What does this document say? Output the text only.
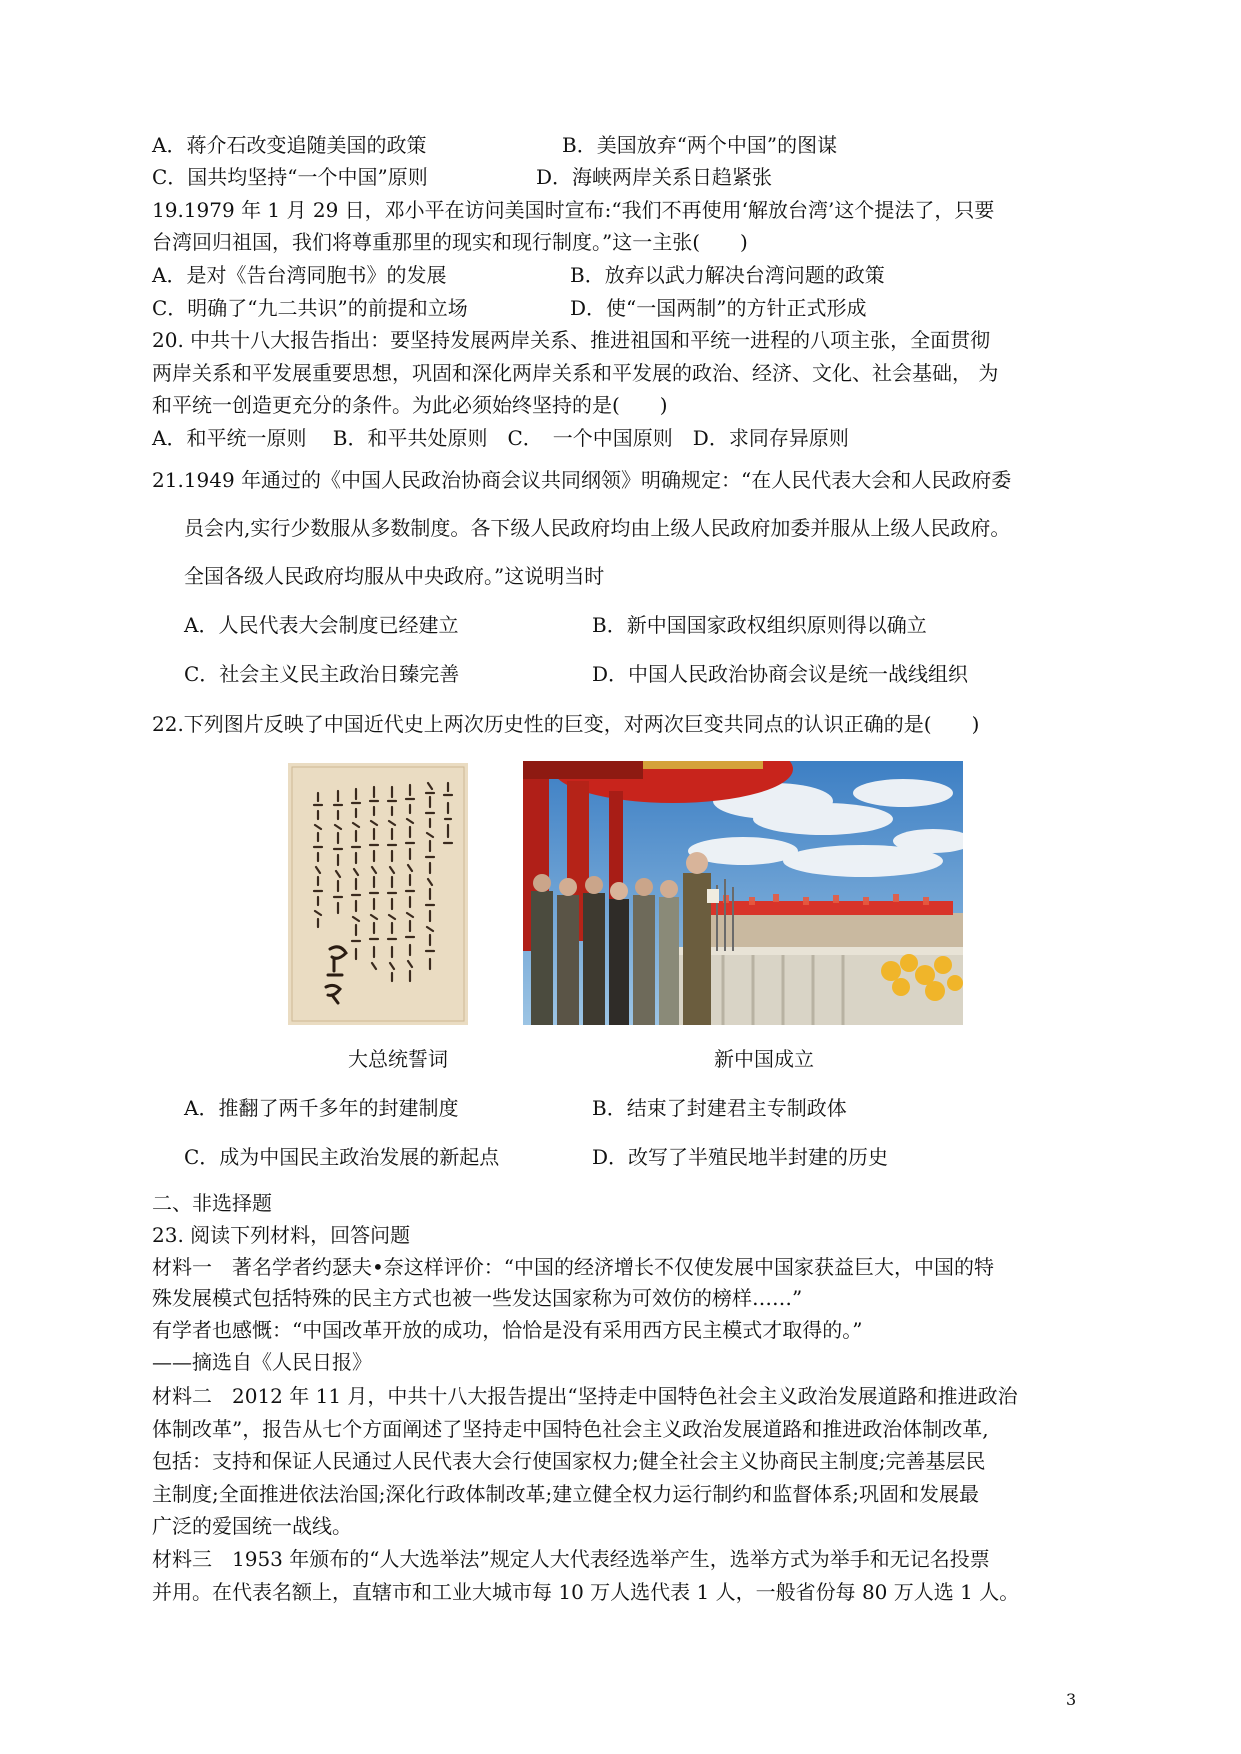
A．蒋介石改变追随美国的政策	B．美国放弃“两个中国”的图谋
C．国共均坚持“一个中国”原则	D．海峡两岸关系日趋紧张
19.1979 年 1 月 29 日，邓小平在访问美国时宣布:“我们不再使用‘解放台湾’这个提法了，只要
台湾回归祖国，我们将尊重那里的现实和现行制度。”这一主张(　　)
A．是对《告台湾同胞书》的发展	B．放弃以武力解决台湾问题的政策
C．明确了“九二共识”的前提和立场	D．使“一国两制”的方针正式形成
20. 中共十八大报告指出：要坚持发展两岸关系、推进祖国和平统一进程的八项主张，全面贯彻
两岸关系和平发展重要思想，巩固和深化两岸关系和平发展的政治、经济、文化、社会基础， 为
和平统一创造更充分的条件。为此必须始终坚持的是(　　)
A．和平统一原则　 B．和平共处原则　C．　一个中国原则　D．求同存异原则
21.1949 年通过的《中国人民政治协商会议共同纲领》明确规定：“在人民代表大会和人民政府委
员会内,实行少数服从多数制度。各下级人民政府均由上级人民政府加委并服从上级人民政府。
全国各级人民政府均服从中央政府。”这说明当时
A．人民代表大会制度已经建立	B．新中国国家政权组织原则得以确立
C．社会主义民主政治日臻完善	D．中国人民政治协商会议是统一战线组织
22.下列图片反映了中国近代史上两次历史性的巨变，对两次巨变共同点的认识正确的是(　　)
大总统誓词	新中国成立
A．推翻了两千多年的封建制度	B．结束了封建君主专制政体
C．成为中国民主政治发展的新起点	D．改写了半殖民地半封建的历史
二、非选择题
23. 阅读下列材料，回答问题
材料一　著名学者约瑟夫•奈这样评价：“中国的经济增长不仅使发展中国家获益巨大，中国的特
殊发展模式包括特殊的民主方式也被一些发达国家称为可效仿的榜样……”
有学者也感慨：“中国改革开放的成功，恰恰是没有采用西方民主模式才取得的。”
——摘选自《人民日报》
材料二　2012 年 11 月，中共十八大报告提出“坚持走中国特色社会主义政治发展道路和推进政治
体制改革”，报告从七个方面阐述了坚持走中国特色社会主义政治发展道路和推进政治体制改革,
包括：支持和保证人民通过人民代表大会行使国家权力;健全社会主义协商民主制度;完善基层民
主制度;全面推进依法治国;深化行政体制改革;建立健全权力运行制约和监督体系;巩固和发展最
广泛的爱国统一战线。
材料三　1953 年颁布的“人大选举法”规定人大代表经选举产生，选举方式为举手和无记名投票
并用。在代表名额上，直辖市和工业大城市每 10 万人选代表 1 人，一般省份每 80 万人选 1 人。
3
